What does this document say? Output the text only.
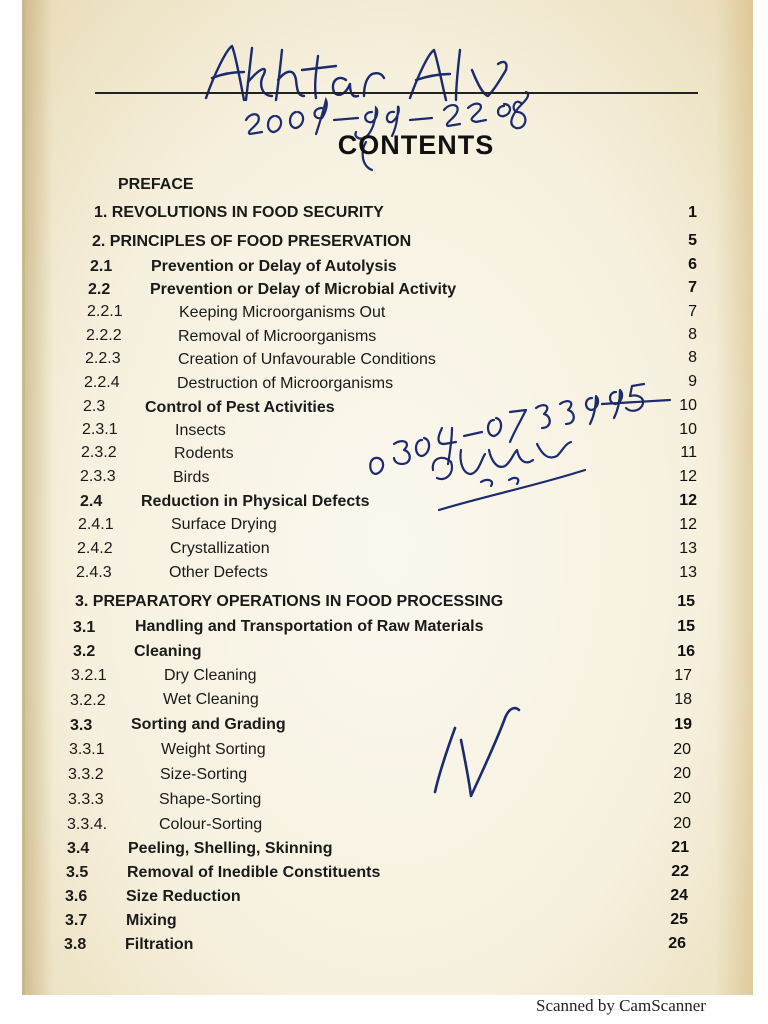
CONTENTS
PREFACE
1. REVOLUTIONS IN FOOD SECURITY	1
2. PRINCIPLES OF FOOD PRESERVATION	5
2.1 Prevention or Delay of Autolysis	6
2.2 Prevention or Delay of Microbial Activity	7
2.2.1	Keeping Microorganisms Out	7
2.2.2	Removal of Microorganisms	8
2.2.3	Creation of Unfavourable Conditions	8
2.2.4	Destruction of Microorganisms	9
2.3 Control of Pest Activities	10
2.3.1	Insects	10
2.3.2	Rodents	11
2.3.3	Birds	12
2.4 Reduction in Physical Defects	12
2.4.1	Surface Drying	12
2.4.2	Crystallization	13
2.4.3	Other Defects	13
3. PREPARATORY OPERATIONS IN FOOD PROCESSING	15
3.1 Handling and Transportation of Raw Materials	15
3.2 Cleaning	16
3.2.1	Dry Cleaning	17
3.2.2	Wet Cleaning	18
3.3 Sorting and Grading	19
3.3.1	Weight Sorting	20
3.3.2	Size-Sorting	20
3.3.3	Shape-Sorting	20
3.3.4.	Colour-Sorting	20
3.4 Peeling, Shelling, Skinning	21
3.5 Removal of Inedible Constituents	22
3.6 Size Reduction	24
3.7 Mixing	25
3.8 Filtration	26
Scanned by CamScanner
